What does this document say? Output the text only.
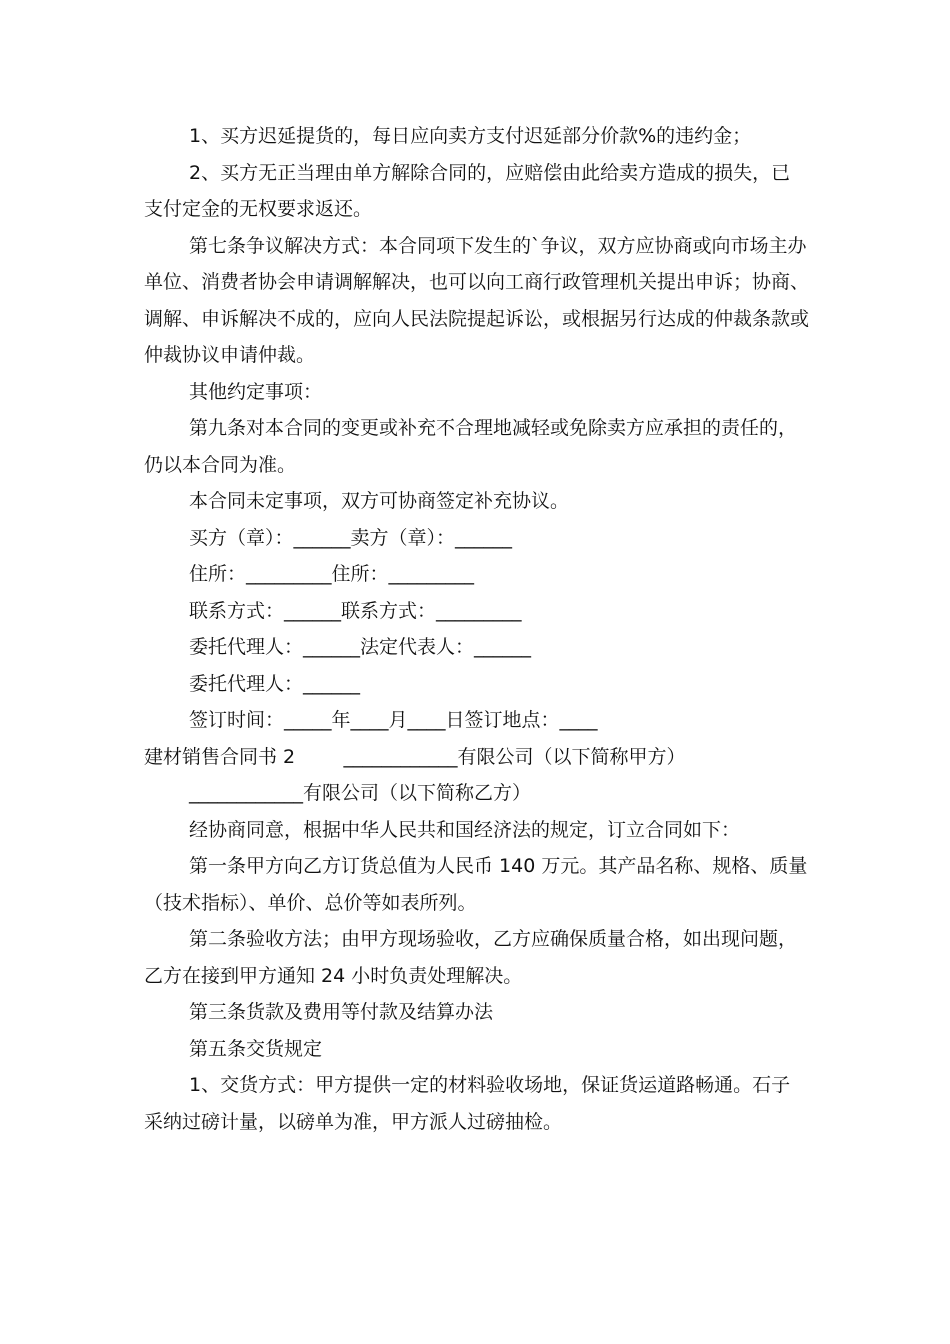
1、买方迟延提货的，每日应向卖方支付迟延部分价款%的违约金；

2、买方无正当理由单方解除合同的，应赔偿由此给卖方造成的损失，已支付定金的无权要求返还。

第七条争议解决方式：本合同项下发生的`争议，双方应协商或向市场主办单位、消费者协会申请调解解决，也可以向工商行政管理机关提出申诉；协商、调解、申诉解决不成的，应向人民法院提起诉讼，或根据另行达成的仲裁条款或仲裁协议申请仲裁。

其他约定事项：

第九条对本合同的变更或补充不合理地减轻或免除卖方应承担的责任的，仍以本合同为准。

本合同未定事项，双方可协商签定补充协议。

买方（章）：______卖方（章）：______

住所：_________住所：_________

联系方式：______联系方式：_________

委托代理人：______法定代表人：______

委托代理人：______

签订时间：_____年____月____日签订地点：____

建材销售合同书 2        ____________有限公司（以下简称甲方）

____________有限公司（以下简称乙方）

经协商同意，根据中华人民共和国经济法的规定，订立合同如下：

第一条甲方向乙方订货总值为人民币 140 万元。其产品名称、规格、质量（技术指标）、单价、总价等如表所列。

第二条验收方法；由甲方现场验收，乙方应确保质量合格，如出现问题，乙方在接到甲方通知 24 小时负责处理解决。

第三条货款及费用等付款及结算办法

第五条交货规定

1、交货方式：甲方提供一定的材料验收场地，保证货运道路畅通。石子采纳过磅计量，以磅单为准，甲方派人过磅抽检。
